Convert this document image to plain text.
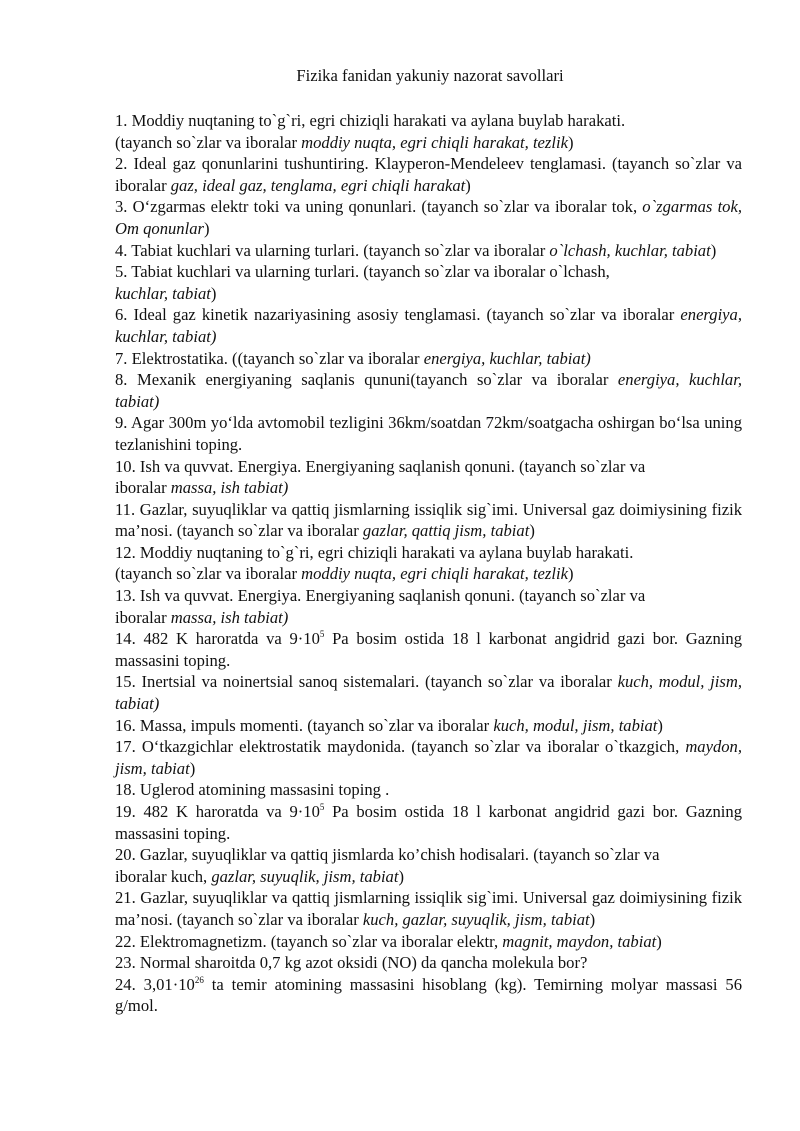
Fizika fanidan yakuniy nazorat savollari

1. Moddiy nuqtaning to`g`ri, egri chiziqli harakati va aylana buylab harakati.
(tayanch so`zlar va iboralar moddiy nuqta, egri chiqli harakat, tezlik)

2. Ideal gaz qonunlarini tushuntiring. Klayperon-Mendeleev tenglamasi. (tayanch so`zlar va iboralar gaz, ideal gaz, tenglama, egri chiqli harakat)

3. O‘zgarmas elektr toki va uning qonunlari. (tayanch so`zlar va iboralar tok, o`zgarmas tok, Om qonunlar)

4. Tabiat kuchlari va ularning turlari. (tayanch so`zlar va iboralar o`lchash, kuchlar, tabiat)

5. Tabiat kuchlari va ularning turlari. (tayanch so`zlar va iboralar o`lchash,
kuchlar, tabiat)

6. Ideal gaz kinetik nazariyasining asosiy tenglamasi. (tayanch so`zlar va iboralar energiya, kuchlar, tabiat)

7. Elektrostatika. ((tayanch so`zlar va iboralar energiya, kuchlar, tabiat)

8. Mexanik energiyaning saqlanis qununi(tayanch so`zlar va iboralar energiya, kuchlar, tabiat)

9. Agar 300m yo‘lda avtomobil tezligini 36km/soatdan 72km/soatgacha oshirgan bo‘lsa uning tezlanishini toping.

10. Ish va quvvat. Energiya. Energiyaning saqlanish qonuni. (tayanch so`zlar va
iboralar massa, ish tabiat)

11. Gazlar, suyuqliklar va qattiq jismlarning issiqlik sig`imi. Universal gaz doimiysining fizik ma’nosi. (tayanch so`zlar va iboralar gazlar, qattiq jism, tabiat)

12. Moddiy nuqtaning to`g`ri, egri chiziqli harakati va aylana buylab harakati.
(tayanch so`zlar va iboralar moddiy nuqta, egri chiqli harakat, tezlik)

13. Ish va quvvat. Energiya. Energiyaning saqlanish qonuni. (tayanch so`zlar va
iboralar massa, ish tabiat)

14. 482 K haroratda va $9\cdot 10^5$ Pa bosim ostida 18 l karbonat angidrid gazi bor. Gazning massasini toping.

15. Inertsial va noinertsial sanoq sistemalari. (tayanch so`zlar va iboralar kuch, modul, jism, tabiat)

16. Massa, impuls momenti. (tayanch so`zlar va iboralar kuch, modul, jism, tabiat)

17. O‘tkazgichlar elektrostatik maydonida. (tayanch so`zlar va iboralar o`tkazgich, maydon, jism, tabiat)

18. Uglerod atomining massasini toping .

19. 482 K haroratda va $9\cdot 10^5$ Pa bosim ostida 18 l karbonat angidrid gazi bor. Gazning massasini toping.

20. Gazlar, suyuqliklar va qattiq jismlarda ko’chish hodisalari. (tayanch so`zlar va
iboralar kuch, gazlar, suyuqlik, jism, tabiat)

21. Gazlar, suyuqliklar va qattiq jismlarning issiqlik sig`imi. Universal gaz doimiysining fizik ma’nosi. (tayanch so`zlar va iboralar kuch, gazlar, suyuqlik, jism, tabiat)

22. Elektromagnetizm. (tayanch so`zlar va iboralar elektr, magnit, maydon, tabiat)

23. Normal sharoitda 0,7 kg azot oksidi (NO) da qancha molekula bor?

24. $3,01\cdot 10^{26}$ ta temir atomining massasini hisoblang (kg). Temirning molyar massasi 56 g/mol.
